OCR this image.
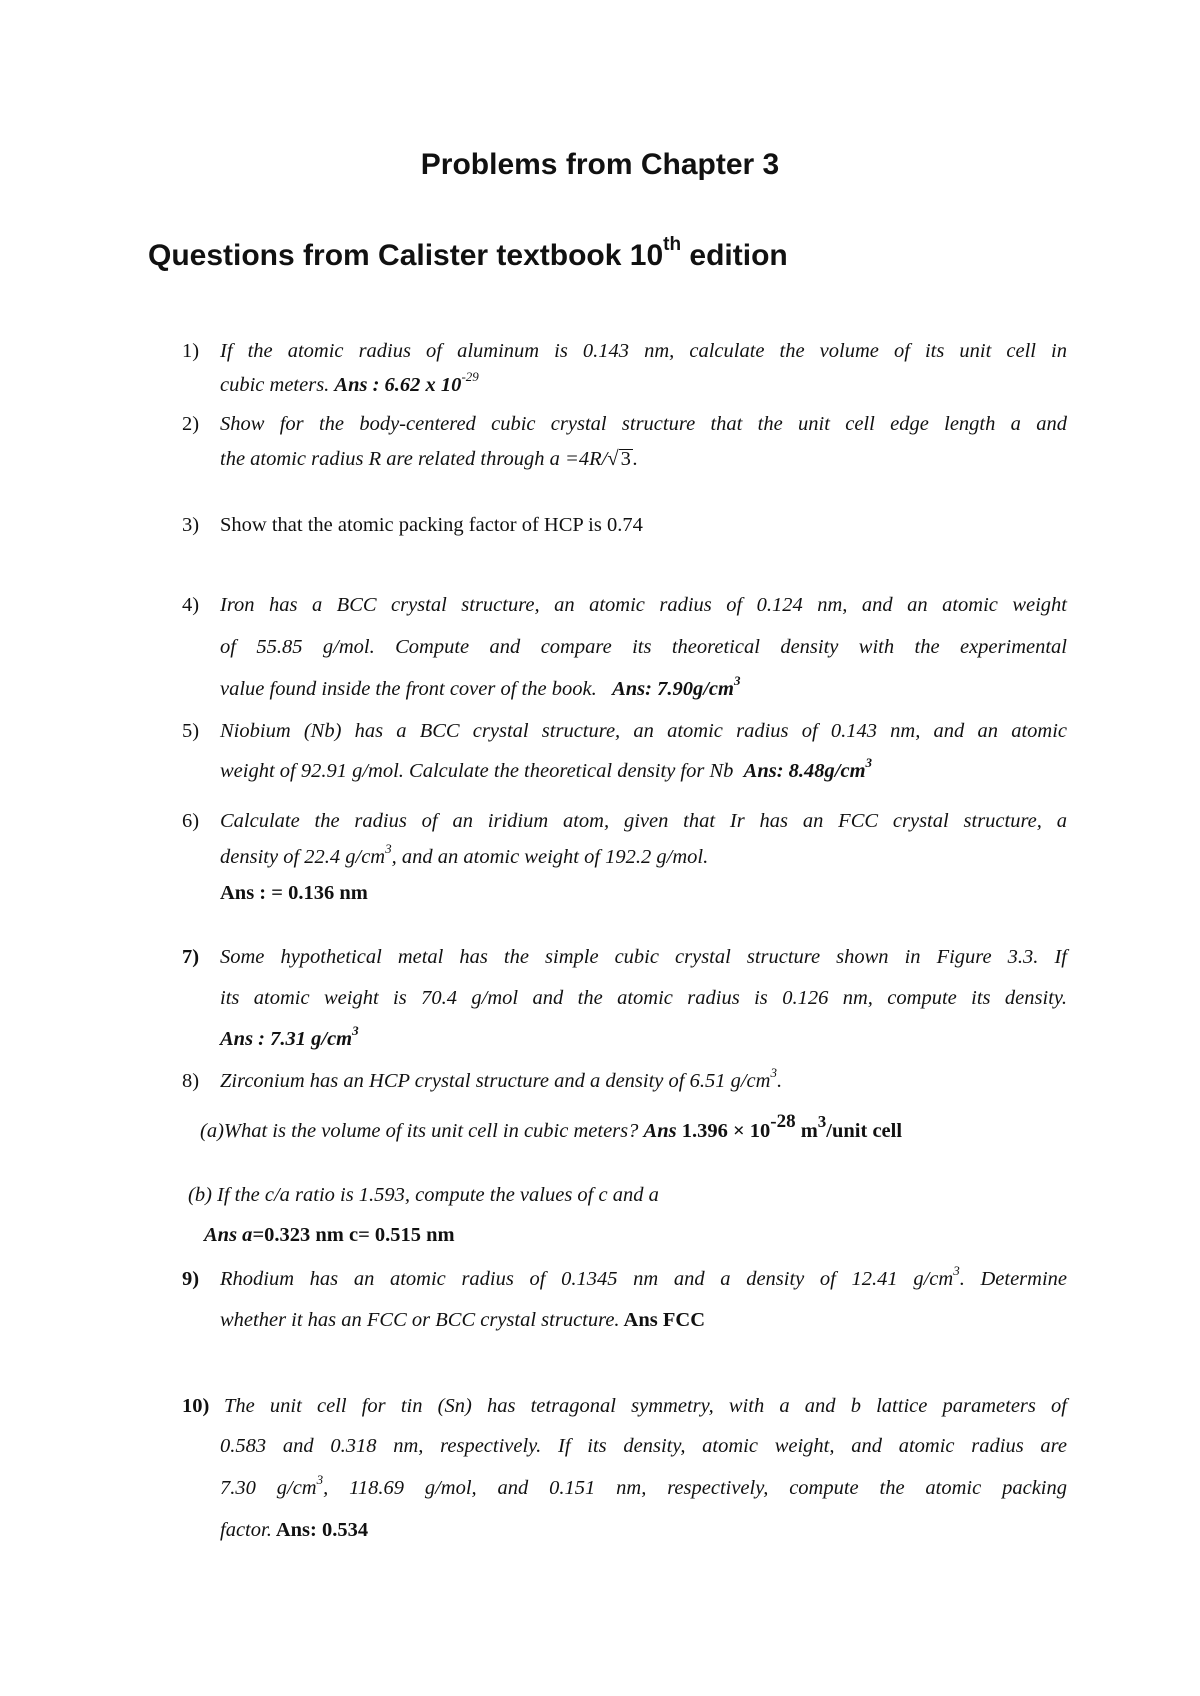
Problems from Chapter 3
Questions from Calister textbook 10th edition
1) If the atomic radius of aluminum is 0.143 nm, calculate the volume of its unit cell in
cubic meters. Ans : 6.62 x $10^{-29}$
2) Show for the body-centered cubic crystal structure that the unit cell edge length a and
the atomic radius R are related through a =4R/√3.
3) Show that the atomic packing factor of HCP is 0.74
4) Iron has a BCC crystal structure, an atomic radius of 0.124 nm, and an atomic weight
of 55.85 g/mol. Compute and compare its theoretical density with the experimental
value found inside the front cover of the book. Ans: $7.90g/cm^3$
5) Niobium (Nb) has a BCC crystal structure, an atomic radius of 0.143 nm, and an atomic
weight of 92.91 g/mol. Calculate the theoretical density for Nb Ans: $8.48g/cm^3$
6) Calculate the radius of an iridium atom, given that Ir has an FCC crystal structure, a
density of 22.4 $g/cm^3$, and an atomic weight of 192.2 g/mol.
Ans : = 0.136 nm
7) Some hypothetical metal has the simple cubic crystal structure shown in Figure 3.3. If
its atomic weight is 70.4 g/mol and the atomic radius is 0.126 nm, compute its density.
Ans : 7.31 $g/cm^3$
8) Zirconium has an HCP crystal structure and a density of 6.51 $g/cm^3$.
(a)What is the volume of its unit cell in cubic meters? Ans $1.396 \times 10^{-28}$ $m^3$/unit cell
(b) If the c/a ratio is 1.593, compute the values of c and a
Ans a=0.323 nm c= 0.515 nm
9) Rhodium has an atomic radius of 0.1345 nm and a density of 12.41 $g/cm^3$. Determine
whether it has an FCC or BCC crystal structure. Ans FCC
10) The unit cell for tin (Sn) has tetragonal symmetry, with a and b lattice parameters of
0.583 and 0.318 nm, respectively. If its density, atomic weight, and atomic radius are
7.30 $g/cm^3$, 118.69 g/mol, and 0.151 nm, respectively, compute the atomic packing
factor. Ans: 0.534
